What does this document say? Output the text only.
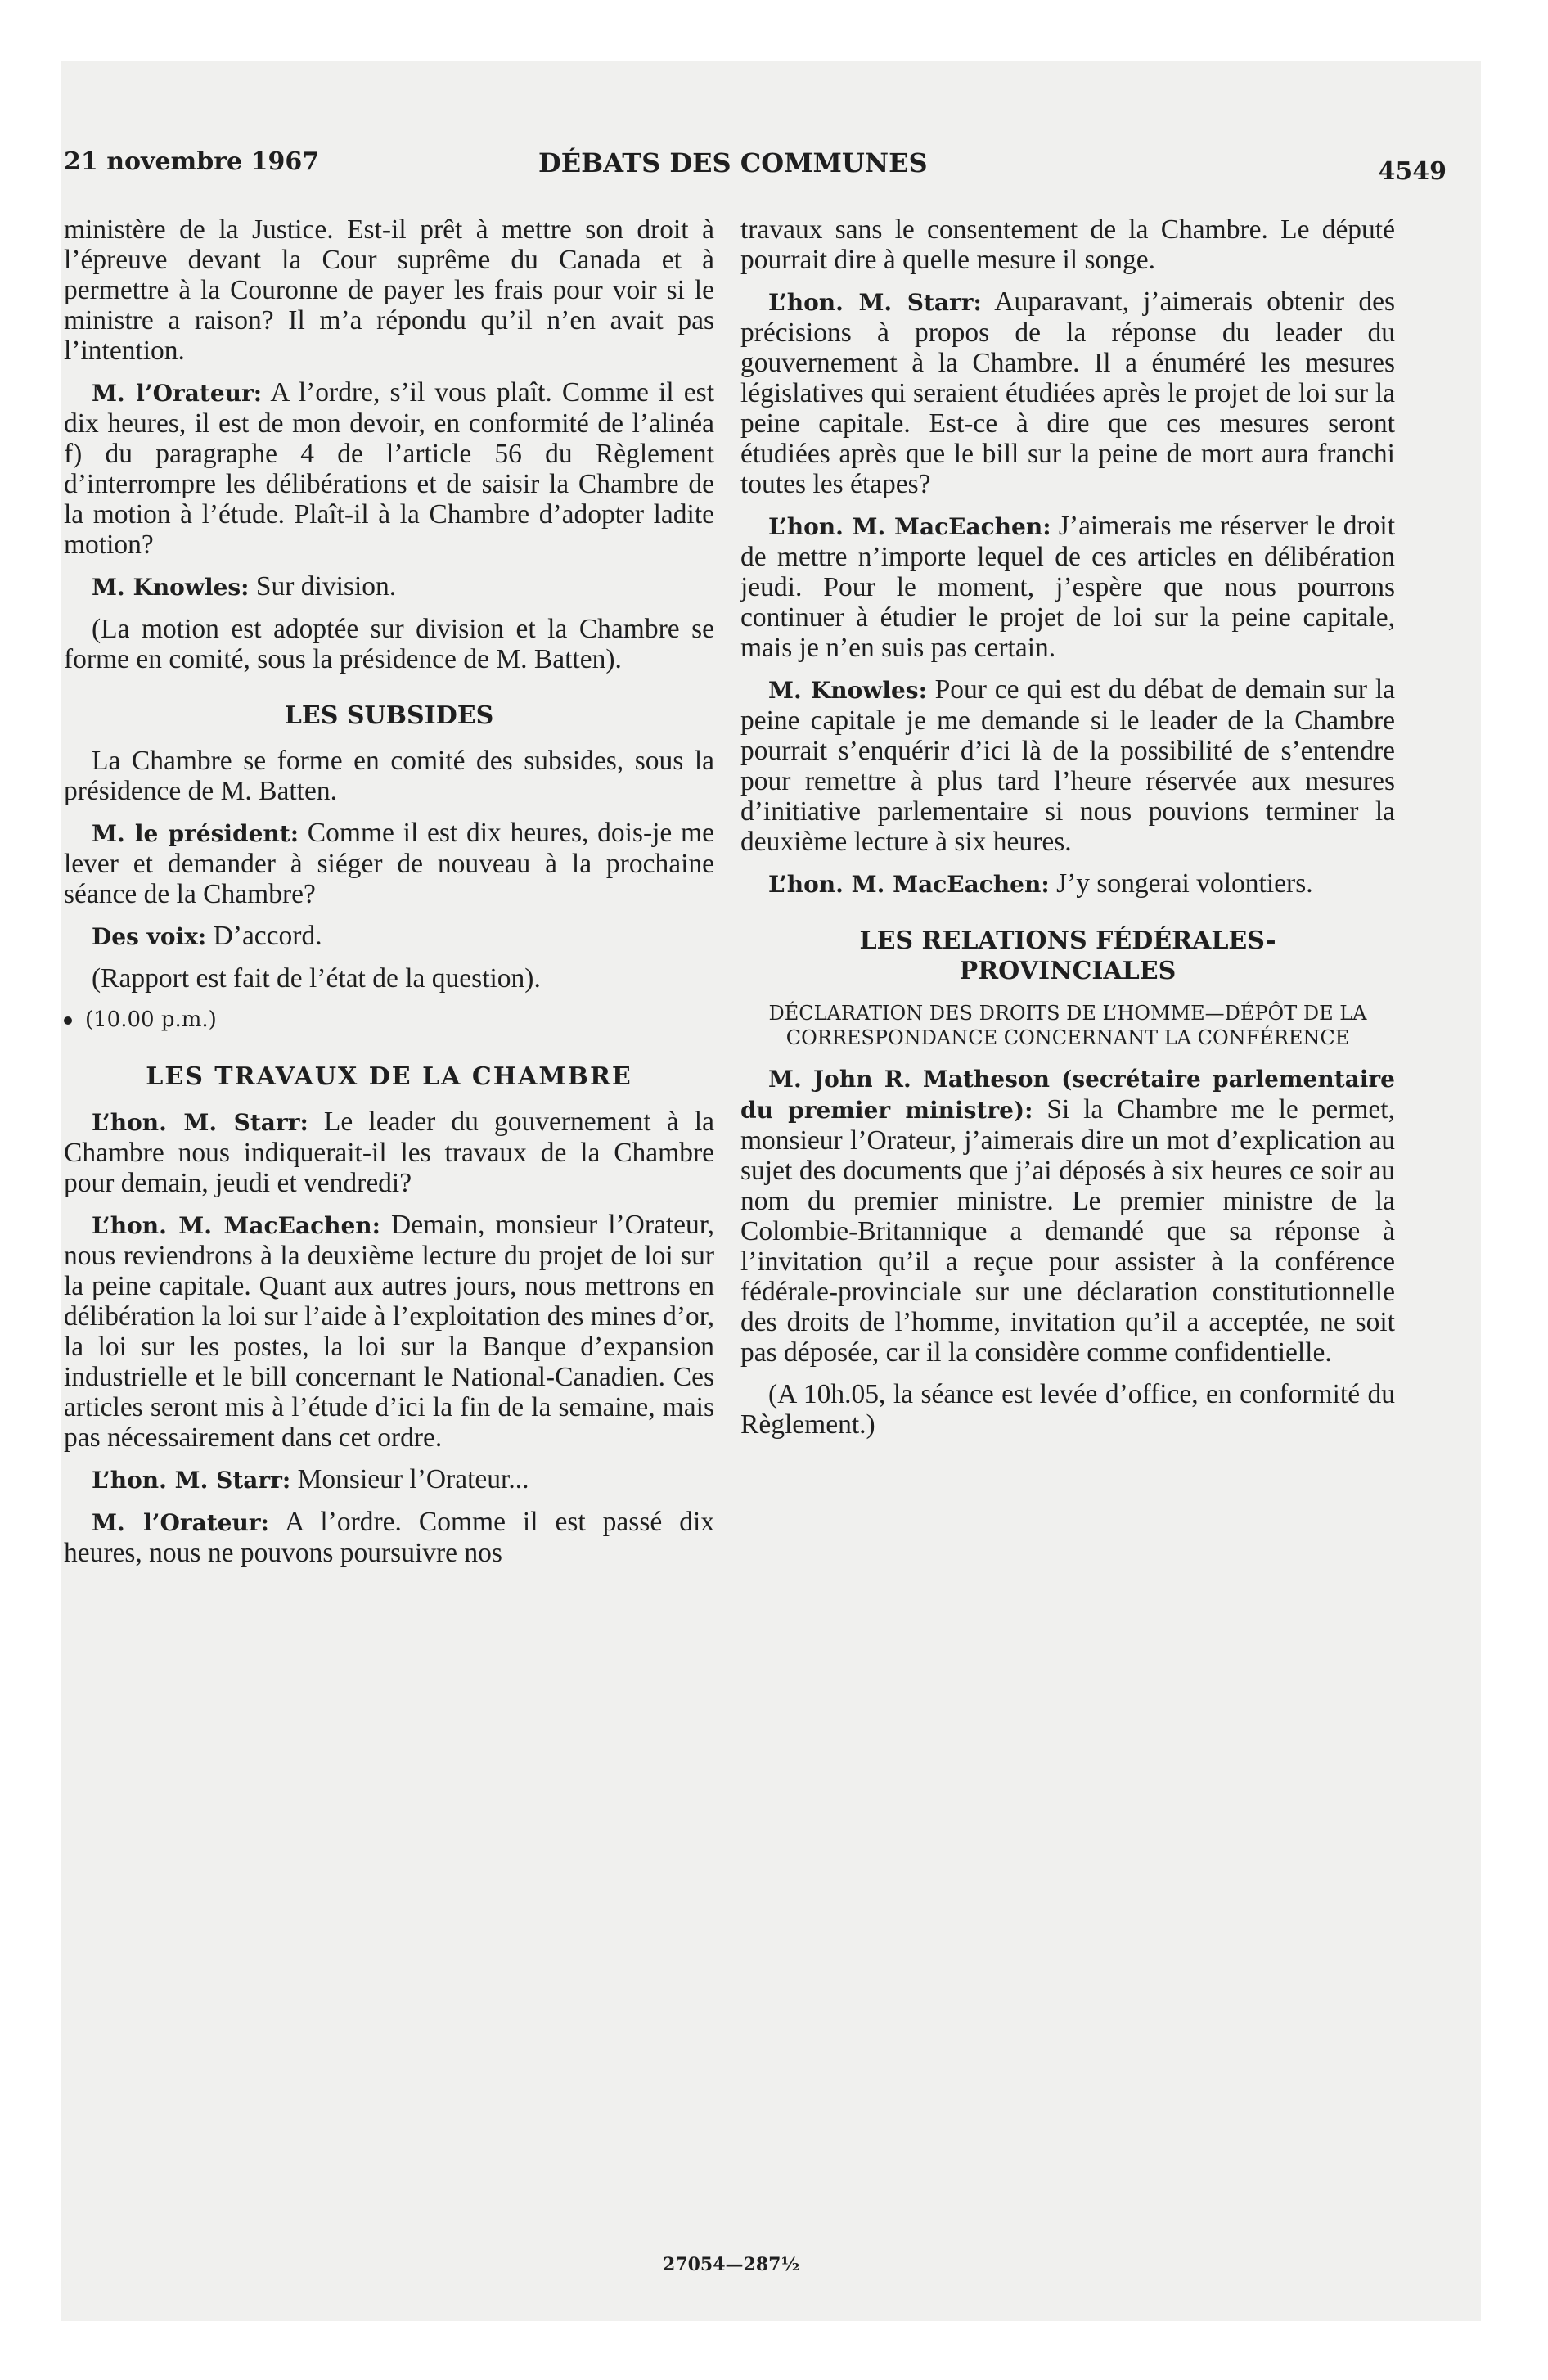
21 novembre 1967	DÉBATS DES COMMUNES	4549

ministère de la Justice. Est-il prêt à mettre son droit à l’épreuve devant la Cour suprême du Canada et à permettre à la Couronne de payer les frais pour voir si le ministre a raison? Il m’a répondu qu’il n’en avait pas l’intention.

M. l’Orateur: A l’ordre, s’il vous plaît. Comme il est dix heures, il est de mon devoir, en conformité de l’alinéa f) du paragraphe 4 de l’article 56 du Règlement d’interrompre les délibérations et de saisir la Chambre de la motion à l’étude. Plaît-il à la Chambre d’adopter ladite motion?

M. Knowles: Sur division.

(La motion est adoptée sur division et la Chambre se forme en comité, sous la présidence de M. Batten).

LES SUBSIDES

La Chambre se forme en comité des subsides, sous la présidence de M. Batten.

M. le président: Comme il est dix heures, dois-je me lever et demander à siéger de nouveau à la prochaine séance de la Chambre?

Des voix: D’accord.

(Rapport est fait de l’état de la question).

(10.00 p.m.)
LES TRAVAUX DE LA CHAMBRE

L’hon. M. Starr: Le leader du gouvernement à la Chambre nous indiquerait-il les travaux de la Chambre pour demain, jeudi et vendredi?

L’hon. M. MacEachen: Demain, monsieur l’Orateur, nous reviendrons à la deuxième lecture du projet de loi sur la peine capitale. Quant aux autres jours, nous mettrons en délibération la loi sur l’aide à l’exploitation des mines d’or, la loi sur les postes, la loi sur la Banque d’expansion industrielle et le bill concernant le National-Canadien. Ces articles seront mis à l’étude d’ici la fin de la semaine, mais pas nécessairement dans cet ordre.

L’hon. M. Starr: Monsieur l’Orateur...

M. l’Orateur: A l’ordre. Comme il est passé dix heures, nous ne pouvons poursuivre nos

travaux sans le consentement de la Chambre. Le député pourrait dire à quelle mesure il songe.

L’hon. M. Starr: Auparavant, j’aimerais obtenir des précisions à propos de la réponse du leader du gouvernement à la Chambre. Il a énuméré les mesures législatives qui seraient étudiées après le projet de loi sur la peine capitale. Est-ce à dire que ces mesures seront étudiées après que le bill sur la peine de mort aura franchi toutes les étapes?

L’hon. M. MacEachen: J’aimerais me réserver le droit de mettre n’importe lequel de ces articles en délibération jeudi. Pour le moment, j’espère que nous pourrons continuer à étudier le projet de loi sur la peine capitale, mais je n’en suis pas certain.

M. Knowles: Pour ce qui est du débat de demain sur la peine capitale je me demande si le leader de la Chambre pourrait s’enquérir d’ici là de la possibilité de s’entendre pour remettre à plus tard l’heure réservée aux mesures d’initiative parlementaire si nous pouvions terminer la deuxième lecture à six heures.

L’hon. M. MacEachen: J’y songerai volontiers.

LES RELATIONS FÉDÉRALES-PROVINCIALES
DÉCLARATION DES DROITS DE L’HOMME—DÉPÔT DE LA CORRESPONDANCE CONCERNANT LA CONFÉRENCE

M. John R. Matheson (secrétaire parlementaire du premier ministre): Si la Chambre me le permet, monsieur l’Orateur, j’aimerais dire un mot d’explication au sujet des documents que j’ai déposés à six heures ce soir au nom du premier ministre. Le premier ministre de la Colombie-Britannique a demandé que sa réponse à l’invitation qu’il a reçue pour assister à la conférence fédérale-provinciale sur une déclaration constitutionnelle des droits de l’homme, invitation qu’il a acceptée, ne soit pas déposée, car il la considère comme confidentielle.

(A 10h.05, la séance est levée d’office, en conformité du Règlement.)

27054—287½
